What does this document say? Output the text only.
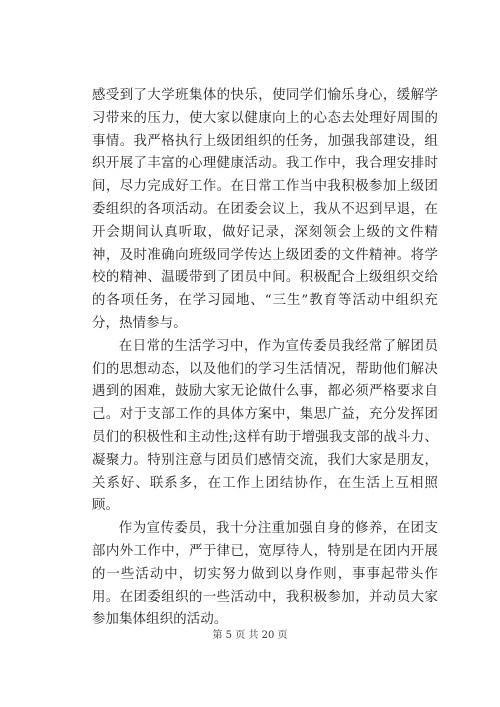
感受到了大学班集体的快乐，使同学们愉乐身心，缓解学习带来的压力，使大家以健康向上的心态去处理好周围的事情。我严格执行上级团组织的任务，加强我部建设，组织开展了丰富的心理健康活动。我工作中，我合理安排时间，尽力完成好工作。在日常工作当中我积极参加上级团委组织的各项活动。在团委会议上，我从不迟到早退，在开会期间认真听取，做好记录，深刻领会上级的文件精神，及时准确向班级同学传达上级团委的文件精神。将学校的精神、温暖带到了团员中间。积极配合上级组织交给的各项任务，在学习园地、“三生”教育等活动中组织充分，热情参与。

在日常的生活学习中，作为宣传委员我经常了解团员们的思想动态，以及他们的学习生活情况，帮助他们解决遇到的困难，鼓励大家无论做什么事，都必须严格要求自己。对于支部工作的具体方案中，集思广益，充分发挥团员们的积极性和主动性;这样有助于增强我支部的战斗力、凝聚力。特别注意与团员们感情交流，我们大家是朋友，关系好、联系多，在工作上团结协作，在生活上互相照顾。

作为宣传委员，我十分注重加强自身的修养，在团支部内外工作中，严于律已，宽厚待人，特别是在团内开展的一些活动中，切实努力做到以身作则，事事起带头作用。在团委组织的一些活动中，我积极参加，并动员大家参加集体组织的活动。

第 5 页 共 20 页
